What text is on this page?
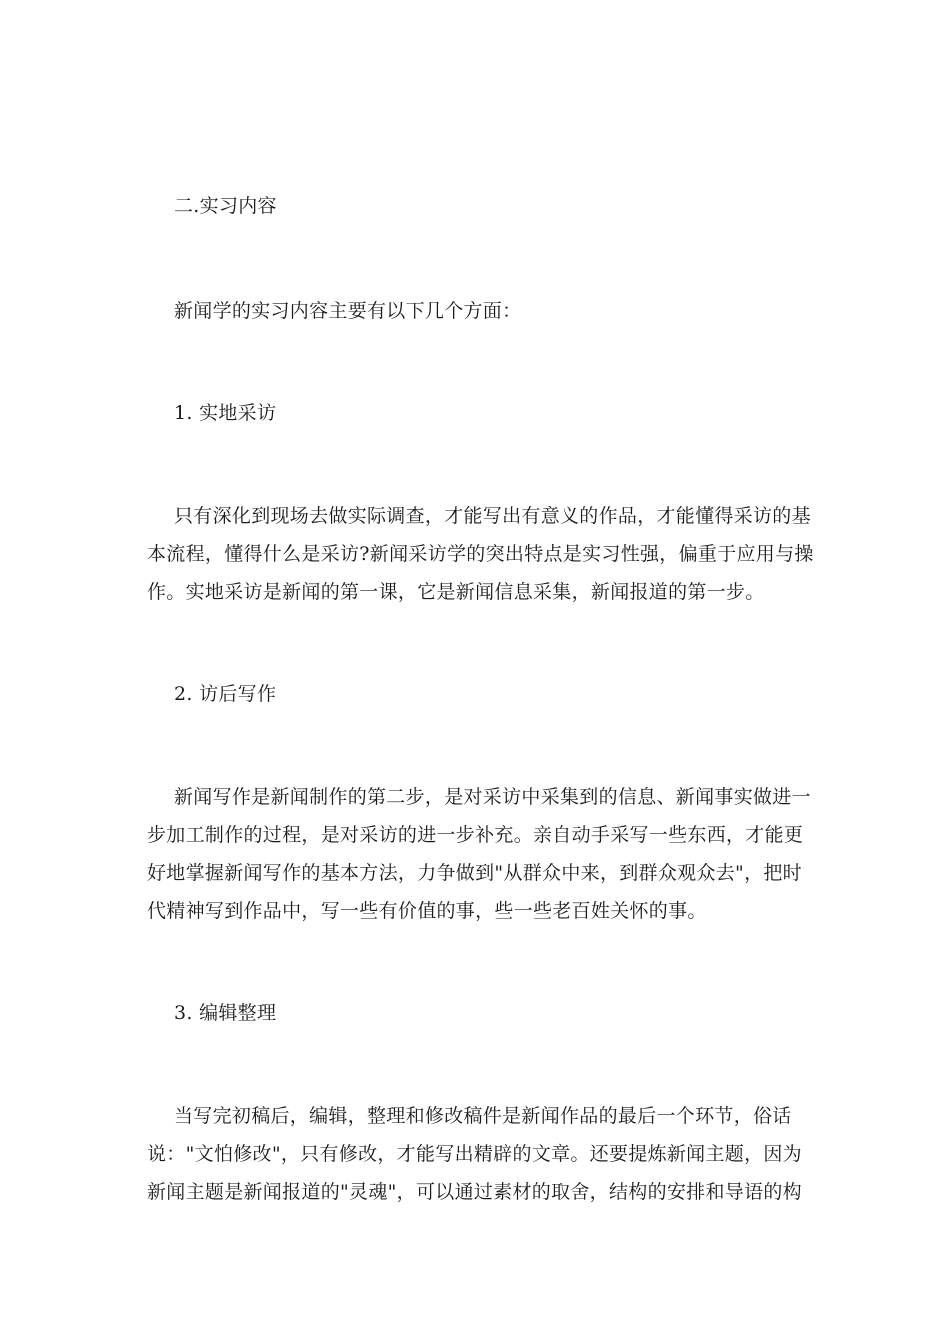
二.实习内容
新闻学的实习内容主要有以下几个方面：
1. 实地采访
只有深化到现场去做实际调查，才能写出有意义的作品，才能懂得采访的基
本流程，懂得什么是采访?新闻采访学的突出特点是实习性强，偏重于应用与操
作。实地采访是新闻的第一课，它是新闻信息采集，新闻报道的第一步。
2. 访后写作
新闻写作是新闻制作的第二步，是对采访中采集到的信息、新闻事实做进一
步加工制作的过程，是对采访的进一步补充。亲自动手采写一些东西，才能更
好地掌握新闻写作的基本方法，力争做到"从群众中来，到群众观众去"，把时
代精神写到作品中，写一些有价值的事，些一些老百姓关怀的事。
3. 编辑整理
当写完初稿后，编辑，整理和修改稿件是新闻作品的最后一个环节，俗话
说："文怕修改"，只有修改，才能写出精辟的文章。还要提炼新闻主题，因为
新闻主题是新闻报道的"灵魂"，可以通过素材的取舍，结构的安排和导语的构
